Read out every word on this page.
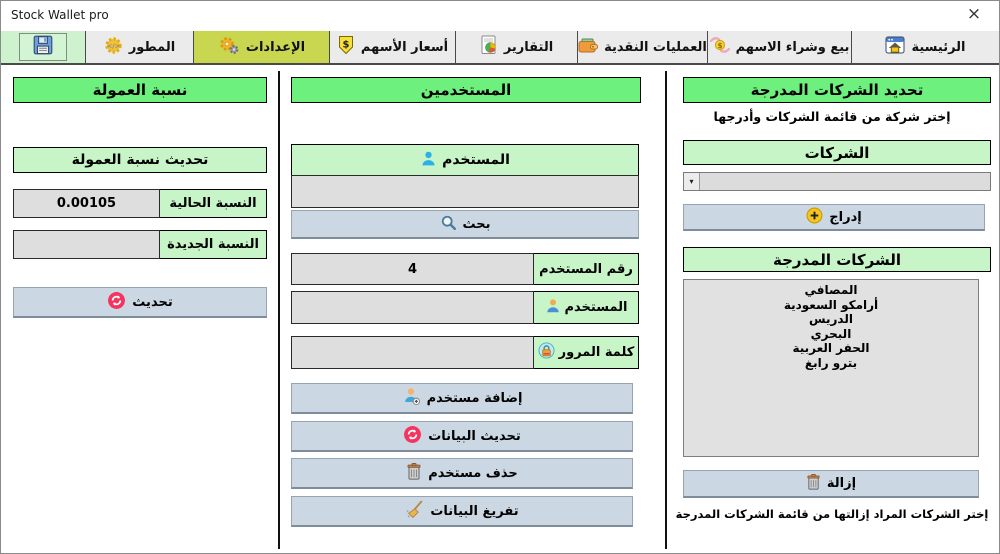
Stock Wallet pro	×
الرئيسية
بيع وشراء الاسهم
$
العمليات النقدية
التقارير
أسعار الأسهم
$
الإعدادات
المطور
</>
تحديد الشركات المدرجة
إختر شركة من قائمة الشركات وأدرجها
الشركات
▾
إدراج
الشركات المدرجة
المصافي
أرامكو السعودية
الدريس
البحري
الحفر العربية
بترو رابغ
إزالة
إختر الشركات المراد إزالتها من قائمة الشركات المدرجة
المستخدمين
المستخدم
بحث
رقم المستخدم
4
المستخدم
كلمة المرور
إضافة مستخدم
تحديث البيانات
حذف مستخدم
تفريغ البيانات
نسبة العمولة
تحديث نسبة العمولة
النسبة الحالية
0.00105
النسبة الجديدة
تحديث
